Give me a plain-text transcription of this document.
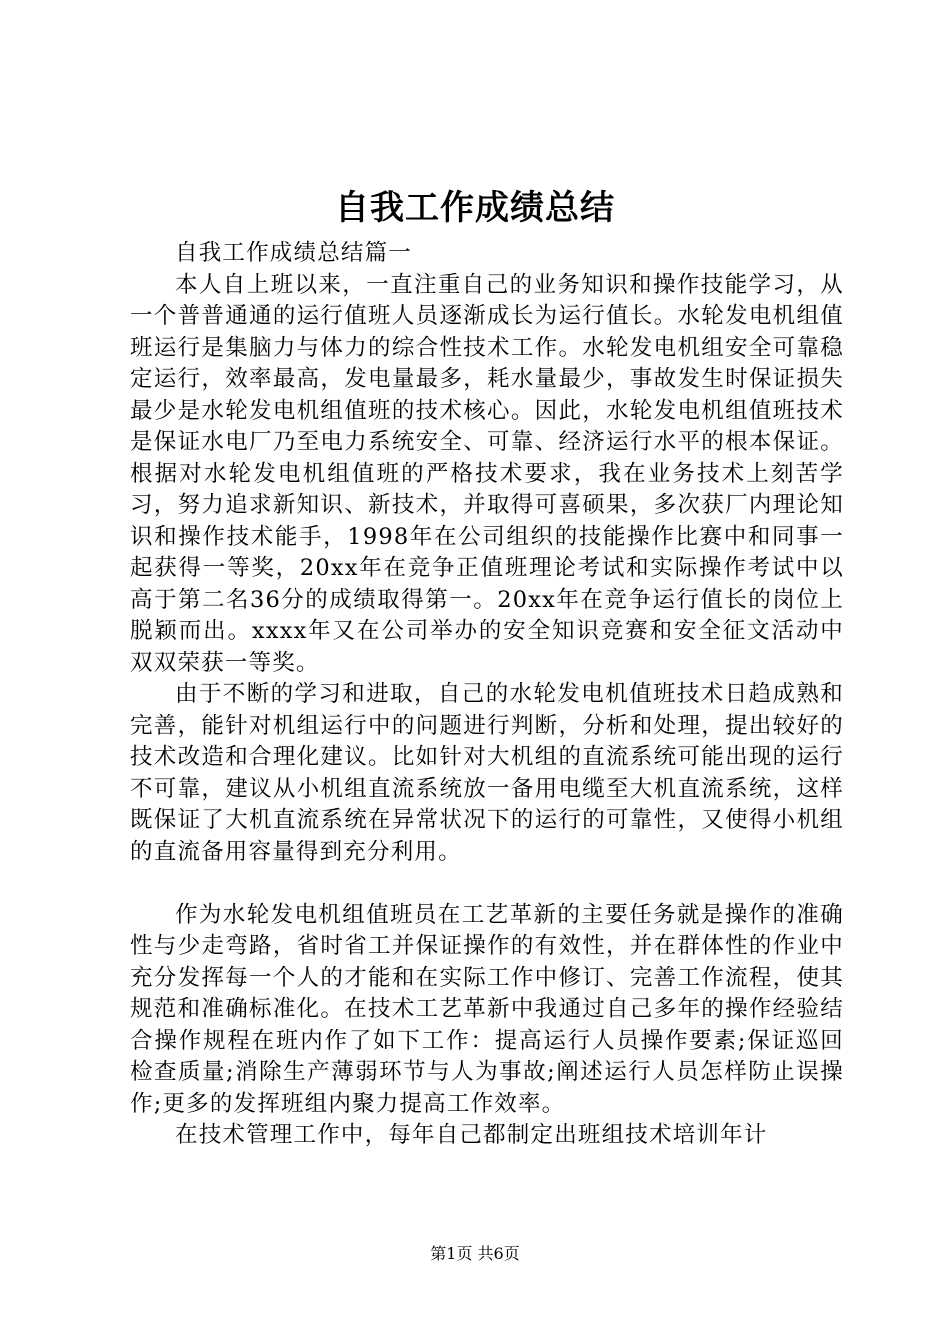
自我工作成绩总结

自我工作成绩总结篇一

本人自上班以来，一直注重自己的业务知识和操作技能学习，从一个普普通通的运行值班人员逐渐成长为运行值长。水轮发电机组值班运行是集脑力与体力的综合性技术工作。水轮发电机组安全可靠稳定运行，效率最高，发电量最多，耗水量最少，事故发生时保证损失最少是水轮发电机组值班的技术核心。因此，水轮发电机组值班技术是保证水电厂乃至电力系统安全、可靠、经济运行水平的根本保证。根据对水轮发电机组值班的严格技术要求，我在业务技术上刻苦学习，努力追求新知识、新技术，并取得可喜硕果，多次获厂内理论知识和操作技术能手，1998年在公司组织的技能操作比赛中和同事一起获得一等奖，20xx年在竞争正值班理论考试和实际操作考试中以高于第二名36分的成绩取得第一。20xx年在竞争运行值长的岗位上脱颖而出。xxxx年又在公司举办的安全知识竞赛和安全征文活动中双双荣获一等奖。

由于不断的学习和进取，自己的水轮发电机值班技术日趋成熟和完善，能针对机组运行中的问题进行判断，分析和处理，提出较好的技术改造和合理化建议。比如针对大机组的直流系统可能出现的运行不可靠，建议从小机组直流系统放一备用电缆至大机直流系统，这样既保证了大机直流系统在异常状况下的运行的可靠性，又使得小机组的直流备用容量得到充分利用。

作为水轮发电机组值班员在工艺革新的主要任务就是操作的准确性与少走弯路，省时省工并保证操作的有效性，并在群体性的作业中充分发挥每一个人的才能和在实际工作中修订、完善工作流程，使其规范和准确标准化。在技术工艺革新中我通过自己多年的操作经验结合操作规程在班内作了如下工作：提高运行人员操作要素;保证巡回检查质量;消除生产薄弱环节与人为事故;阐述运行人员怎样防止误操作;更多的发挥班组内聚力提高工作效率。

在技术管理工作中，每年自己都制定出班组技术培训年计

第1页 共6页
